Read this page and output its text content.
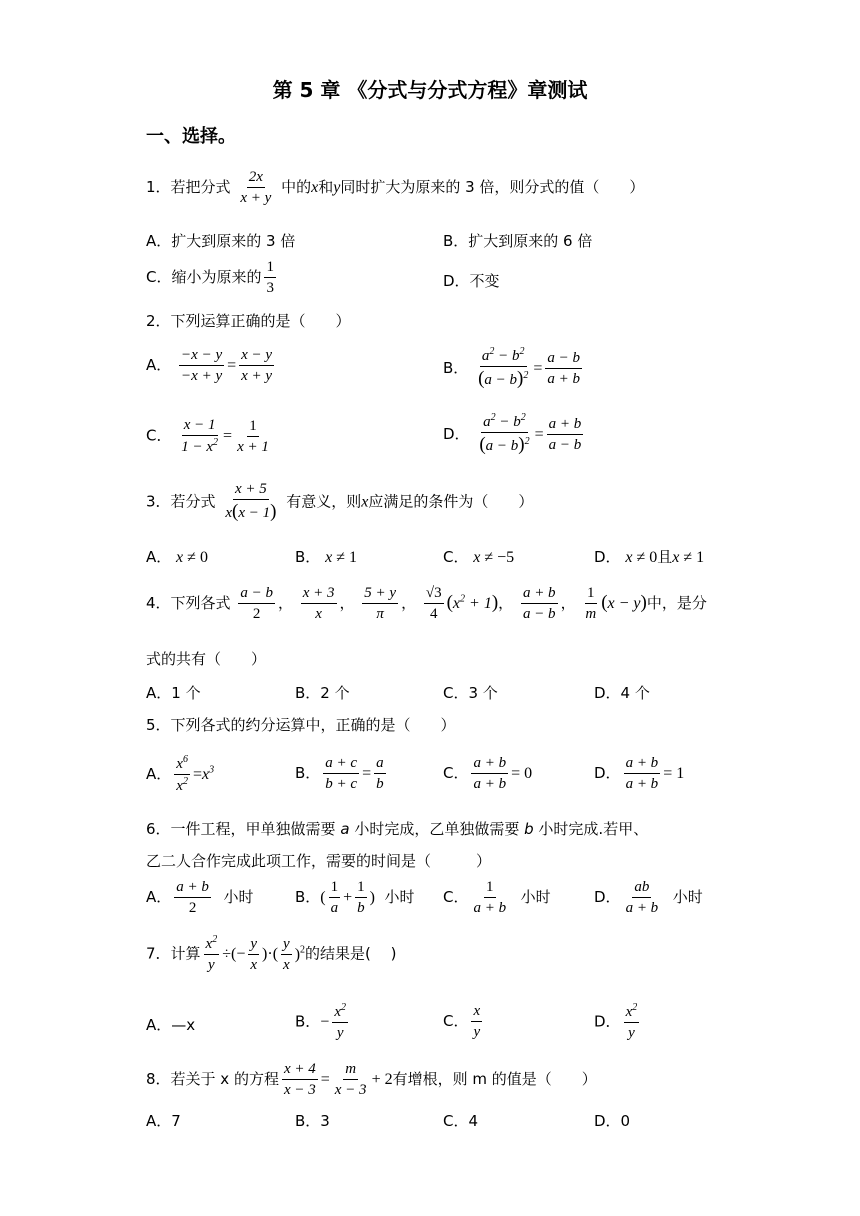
第 5 章 《分式与分式方程》章测试
一、选择。
1．若把分式 $\frac{2x}{x + y}$ 中的x和y同时扩大为原来的 3 倍，则分式的值（　　）
A．扩大到原来的 3 倍	B．扩大到原来的 6 倍
C．缩小为原来的 $\frac{1}{3}$	D．不变
2．下列运算正确的是（　　）
A． $\frac{-x - y}{-x + y} = \frac{x - y}{x + y}$	B． $\frac{a^2 - b^2}{(a - b)^2} = \frac{a - b}{a + b}$
C． $\frac{x - 1}{1 - x^2} = \frac{1}{x + 1}$	D． $\frac{a^2 - b^2}{(a - b)^2} = \frac{a + b}{a - b}$
3．若分式 $\frac{x + 5}{x(x - 1)}$ 有意义，则x应满足的条件为（　　）
A． x ≠ 0	B． x ≠ 1	C． x ≠ −5	D． x ≠ 0且x ≠ 1
4．下列各式 $\frac{a - b}{2}$ ， $\frac{x + 3}{x}$ ， $\frac{5 + y}{\pi}$ ， $\frac{√3}{4} (x^2 + 1)$， $\frac{a + b}{a - b}$ ， $\frac{1}{m} (x - y)$中，是分
式的共有（　　）
A．1 个	B．2 个	C．3 个	D．4 个
5．下列各式的约分运算中，正确的是（　　）
A． $\frac{x^6}{x^2} =x^3$	B． $\frac{a + c}{b + c} = \frac{a}{b}$	C． $\frac{a + b}{a + b} = 0$	D． $\frac{a + b}{a + b} = 1$
6．一件工程，甲单独做需要 a 小时完成，乙单独做需要 b 小时完成.若甲、
乙二人合作完成此项工作，需要的时间是（　　　）
A． $\frac{a + b}{2}$ 小时	B．( $\frac{1}{a} + \frac{1}{b}$ ) 小时 C． $\frac{1}{a + b}$ 小时	D． $\frac{ab}{a + b}$ 小时
7．计算 $\frac{x^2}{y}$ ÷(− $\frac{y}{x}$ )·( $\frac{y}{x} )^2$的结果是(　 )
A．—x	B．− $\frac{x^2}{y}$	C． $\frac{x}{y}$	D． $\frac{x^2}{y}$
8．若关于 x 的方程 $\frac{x + 4}{x - 3} = \frac{m}{x - 3} + 2$有增根，则 m 的值是（　　）
A．7	B．3	C．4	D．0
